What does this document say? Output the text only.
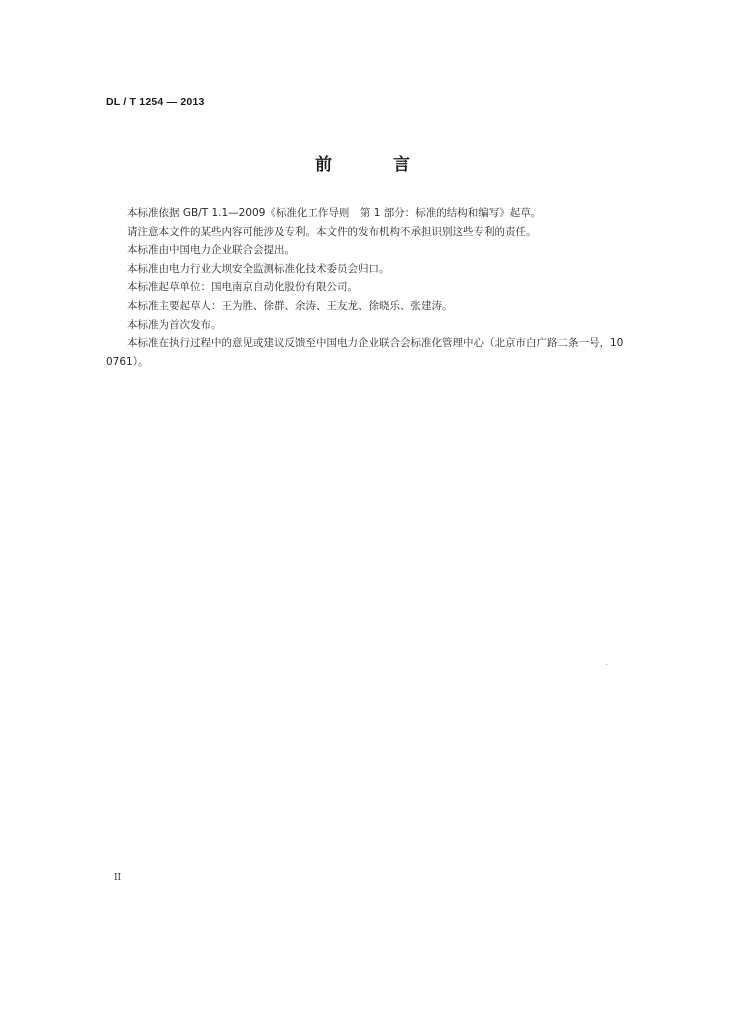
DL / T 1254 — 2013
前　言

本标准依据 GB/T 1.1—2009《标准化工作导则　第 1 部分：标准的结构和编写》起草。

请注意本文件的某些内容可能涉及专利。本文件的发布机构不承担识别这些专利的责任。

本标准由中国电力企业联合会提出。

本标准由电力行业大坝安全监测标准化技术委员会归口。

本标准起草单位：国电南京自动化股份有限公司。

本标准主要起草人：王为胜、徐群、余涛、王友龙、徐晓乐、张建涛。

本标准为首次发布。

本标准在执行过程中的意见或建议反馈至中国电力企业联合会标准化管理中心（北京市白广路二条一号，100761）。

II
